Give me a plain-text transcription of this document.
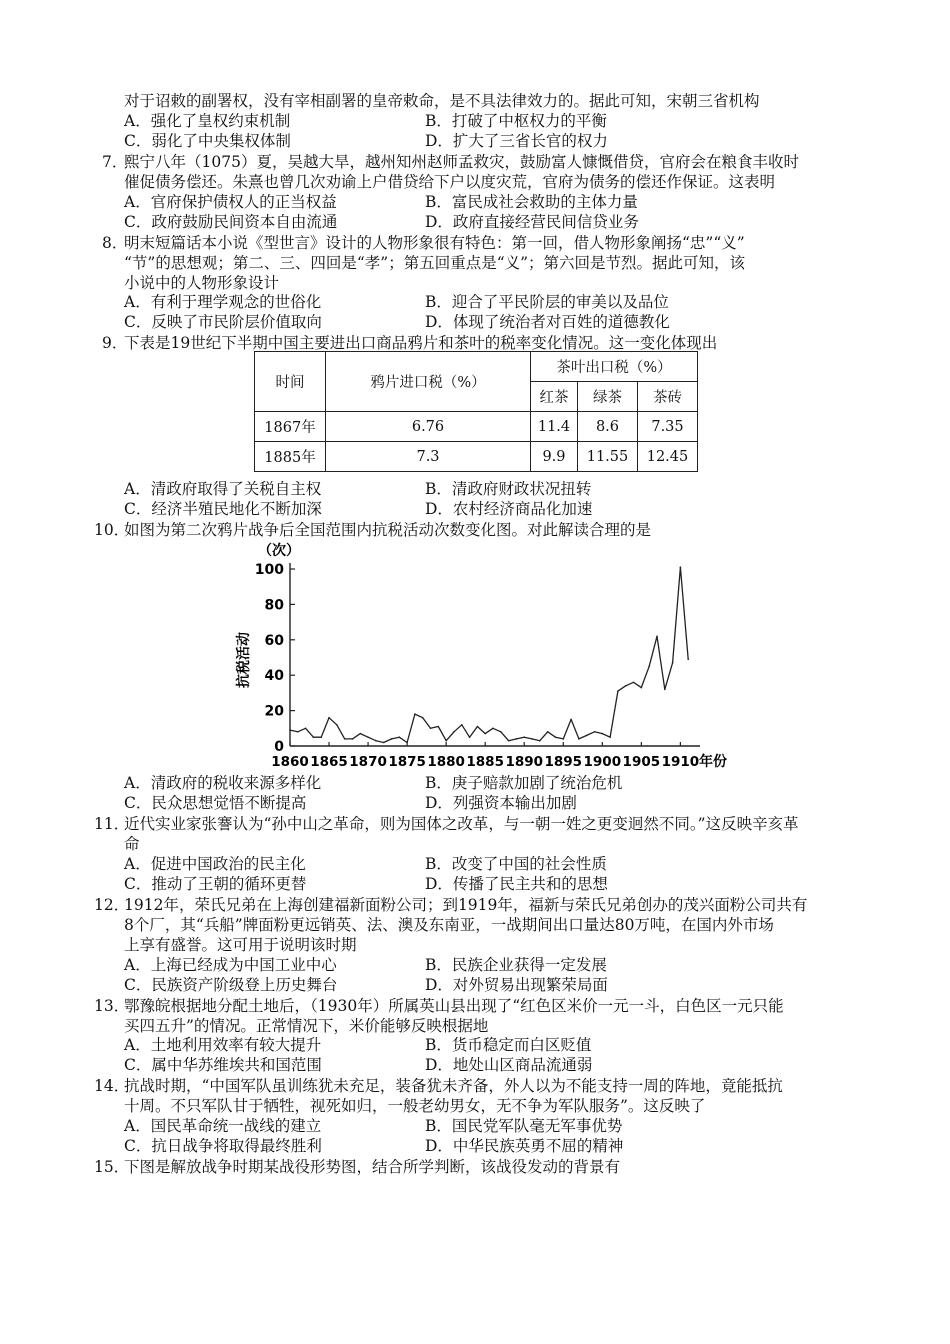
对于诏敕的副署权，没有宰相副署的皇帝敕命，是不具法律效力的。据此可知，宋朝三省机构
A．强化了皇权约束机制	B．打破了中枢权力的平衡
C．弱化了中央集权体制	D．扩大了三省长官的权力
7．
熙宁八年（1075）夏，吴越大旱，越州知州赵师孟救灾，鼓励富人慷慨借贷，官府会在粮食丰收时
催促债务偿还。朱熹也曾几次劝谕上户借贷给下户以度灾荒，官府为债务的偿还作保证。这表明
A．官府保护债权人的正当权益	B．富民成社会救助的主体力量
C．政府鼓励民间资本自由流通	D．政府直接经营民间信贷业务
8．
明末短篇话本小说《型世言》设计的人物形象很有特色：第一回，借人物形象阐扬“忠”“义”
“节”的思想观；第二、三、四回是“孝”；第五回重点是“义”；第六回是节烈。据此可知，该
小说中的人物形象设计
A．有利于理学观念的世俗化	B．迎合了平民阶层的审美以及品位
C．反映了市民阶层价值取向	D．体现了统治者对百姓的道德教化
9．
下表是19世纪下半期中国主要进出口商品鸦片和茶叶的税率变化情况。这一变化体现出
时间	鸦片进口税（%）	茶叶出口税（%）		
		红茶	绿茶	茶砖
1867年	6.76	11.4	8.6	7.35
1885年	7.3	9.9	11.55	12.45
A．清政府取得了关税自主权	B．清政府财政状况扭转
C．经济半殖民地化不断加深	D．农村经济商品化加速
10．
如图为第二次鸦片战争后全国范围内抗税活动次数变化图。对此解读合理的是
0
20
40
60
80
100
1860 1865 1870 1875 1880 1885 1890 1895 1900 1905 1910
（次）
抗税活动
年份
A．清政府的税收来源多样化	B．庚子赔款加剧了统治危机
C．民众思想觉悟不断提高	D．列强资本输出加剧
11．
近代实业家张謇认为“孙中山之革命，则为国体之改革，与一朝一姓之更变迥然不同。”这反映辛亥革
命
A．促进中国政治的民主化	B．改变了中国的社会性质
C．推动了王朝的循环更替	D．传播了民主共和的思想
12．
1912年，荣氏兄弟在上海创建福新面粉公司；到1919年，福新与荣氏兄弟创办的茂兴面粉公司共有
8个厂，其“兵船”牌面粉更远销英、法、澳及东南亚，一战期间出口量达80万吨，在国内外市场
上享有盛誉。这可用于说明该时期
A．上海已经成为中国工业中心	B．民族企业获得一定发展
C．民族资产阶级登上历史舞台	D．对外贸易出现繁荣局面
13．
鄂豫皖根据地分配土地后，（1930年）所属英山县出现了“红色区米价一元一斗，白色区一元只能
买四五升”的情况。正常情况下，米价能够反映根据地
A．土地利用效率有较大提升	B．货币稳定而白区贬值
C．属中华苏维埃共和国范围	D．地处山区商品流通弱
14．
抗战时期，“中国军队虽训练犹未充足，装备犹未齐备，外人以为不能支持一周的阵地，竟能抵抗
十周。不只军队甘于牺牲，视死如归，一般老幼男女，无不争为军队服务”。这反映了
A．国民革命统一战线的建立	B．国民党军队毫无军事优势
C．抗日战争将取得最终胜利	D．中华民族英勇不屈的精神
15．
下图是解放战争时期某战役形势图，结合所学判断，该战役发动的背景有
